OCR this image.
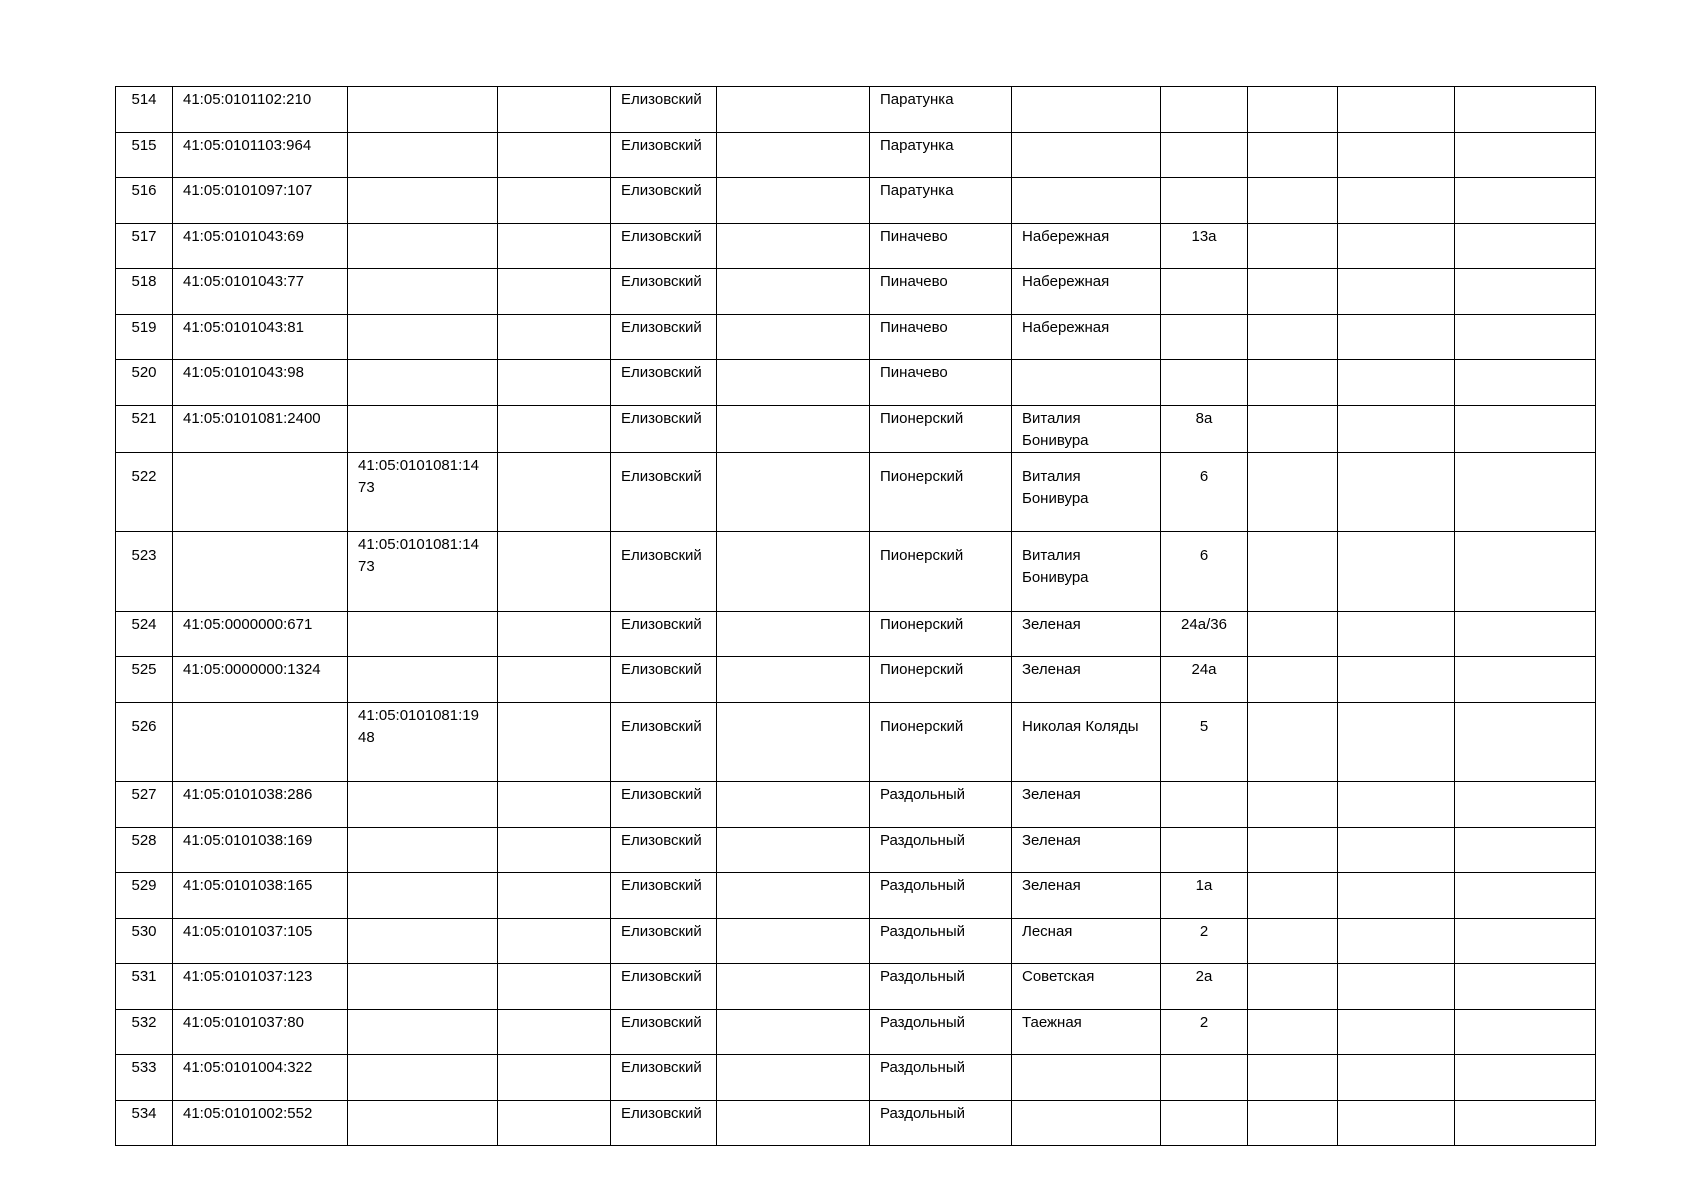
514	41:05:0101102:210			Елизовский		Паратунка					
515	41:05:0101103:964			Елизовский		Паратунка					
516	41:05:0101097:107			Елизовский		Паратунка					
517	41:05:0101043:69			Елизовский		Пиначево	Набережная	13а			
518	41:05:0101043:77			Елизовский		Пиначево	Набережная				
519	41:05:0101043:81			Елизовский		Пиначево	Набережная				
520	41:05:0101043:98			Елизовский		Пиначево					
521	41:05:0101081:2400			Елизовский		Пионерский	Виталия Бонивура	8а			
522		41:05:0101081:1473		Елизовский		Пионерский	Виталия Бонивура	6			
523		41:05:0101081:1473		Елизовский		Пионерский	Виталия Бонивура	6			
524	41:05:0000000:671			Елизовский		Пионерский	Зеленая	24а/36			
525	41:05:0000000:1324			Елизовский		Пионерский	Зеленая	24а			
526		41:05:0101081:1948		Елизовский		Пионерский	Николая Коляды	5			
527	41:05:0101038:286			Елизовский		Раздольный	Зеленая				
528	41:05:0101038:169			Елизовский		Раздольный	Зеленая				
529	41:05:0101038:165			Елизовский		Раздольный	Зеленая	1а			
530	41:05:0101037:105			Елизовский		Раздольный	Лесная	2			
531	41:05:0101037:123			Елизовский		Раздольный	Советская	2а			
532	41:05:0101037:80			Елизовский		Раздольный	Таежная	2			
533	41:05:0101004:322			Елизовский		Раздольный					
534	41:05:0101002:552			Елизовский		Раздольный					
